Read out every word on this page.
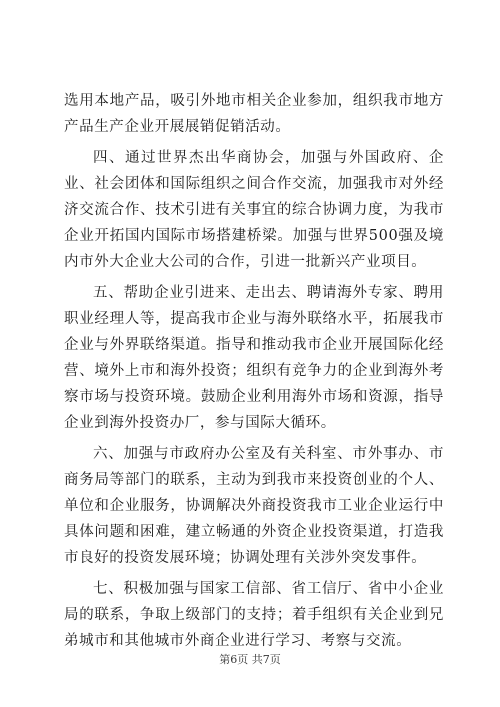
选用本地产品，吸引外地市相关企业参加，组织我市地方产品生产企业开展展销促销活动。

四、通过世界杰出华商协会，加强与外国政府、企业、社会团体和国际组织之间合作交流，加强我市对外经济交流合作、技术引进有关事宜的综合协调力度，为我市企业开拓国内国际市场搭建桥梁。加强与世界500强及境内市外大企业大公司的合作，引进一批新兴产业项目。

五、帮助企业引进来、走出去、聘请海外专家、聘用职业经理人等，提高我市企业与海外联络水平，拓展我市企业与外界联络渠道。指导和推动我市企业开展国际化经营、境外上市和海外投资；组织有竞争力的企业到海外考察市场与投资环境。鼓励企业利用海外市场和资源，指导企业到海外投资办厂，参与国际大循环。

六、加强与市政府办公室及有关科室、市外事办、市商务局等部门的联系，主动为到我市来投资创业的个人、单位和企业服务，协调解决外商投资我市工业企业运行中具体问题和困难，建立畅通的外资企业投资渠道，打造我市良好的投资发展环境；协调处理有关涉外突发事件。

七、积极加强与国家工信部、省工信厅、省中小企业局的联系，争取上级部门的支持；着手组织有关企业到兄弟城市和其他城市外商企业进行学习、考察与交流。

第6页 共7页
